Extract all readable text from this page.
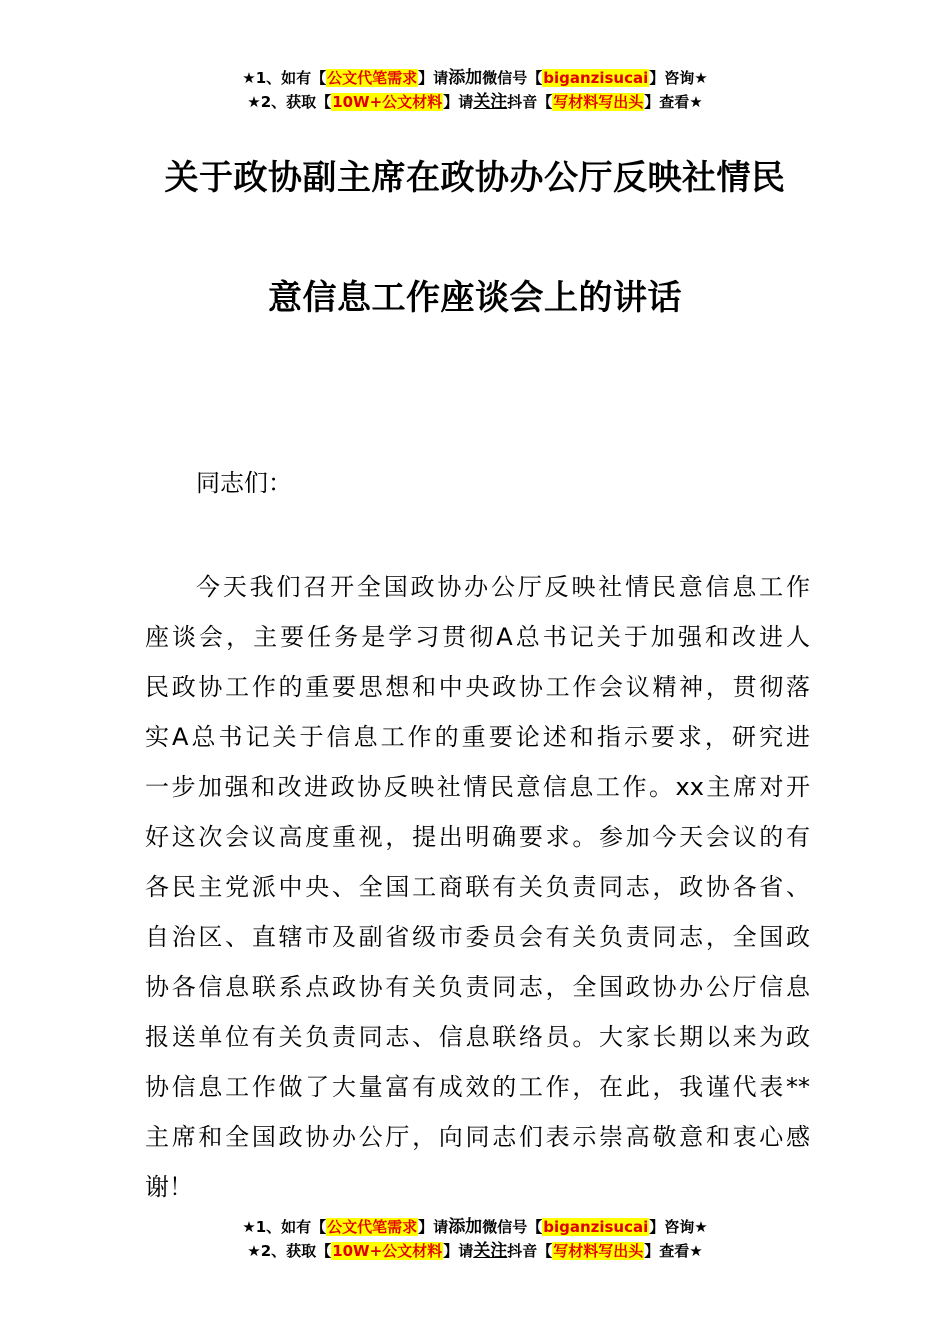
★1、如有【公文代笔需求】请添加微信号【biganzisucai】咨询★
★2、获取【10W+公文材料】请关注抖音【写材料写出头】查看★
关于政协副主席在政协办公厅反映社情民
意信息工作座谈会上的讲话
同志们：
今天我们召开全国政协办公厅反映社情民意信息工作
座谈会，主要任务是学习贯彻A总书记关于加强和改进人
民政协工作的重要思想和中央政协工作会议精神，贯彻落
实A总书记关于信息工作的重要论述和指示要求，研究进
一步加强和改进政协反映社情民意信息工作。xx主席对开
好这次会议高度重视，提出明确要求。参加今天会议的有
各民主党派中央、全国工商联有关负责同志，政协各省、
自治区、直辖市及副省级市委员会有关负责同志，全国政
协各信息联系点政协有关负责同志，全国政协办公厅信息
报送单位有关负责同志、信息联络员。大家长期以来为政
协信息工作做了大量富有成效的工作，在此，我谨代表**
主席和全国政协办公厅，向同志们表示崇高敬意和衷心感
谢！
★1、如有【公文代笔需求】请添加微信号【biganzisucai】咨询★
★2、获取【10W+公文材料】请关注抖音【写材料写出头】查看★
